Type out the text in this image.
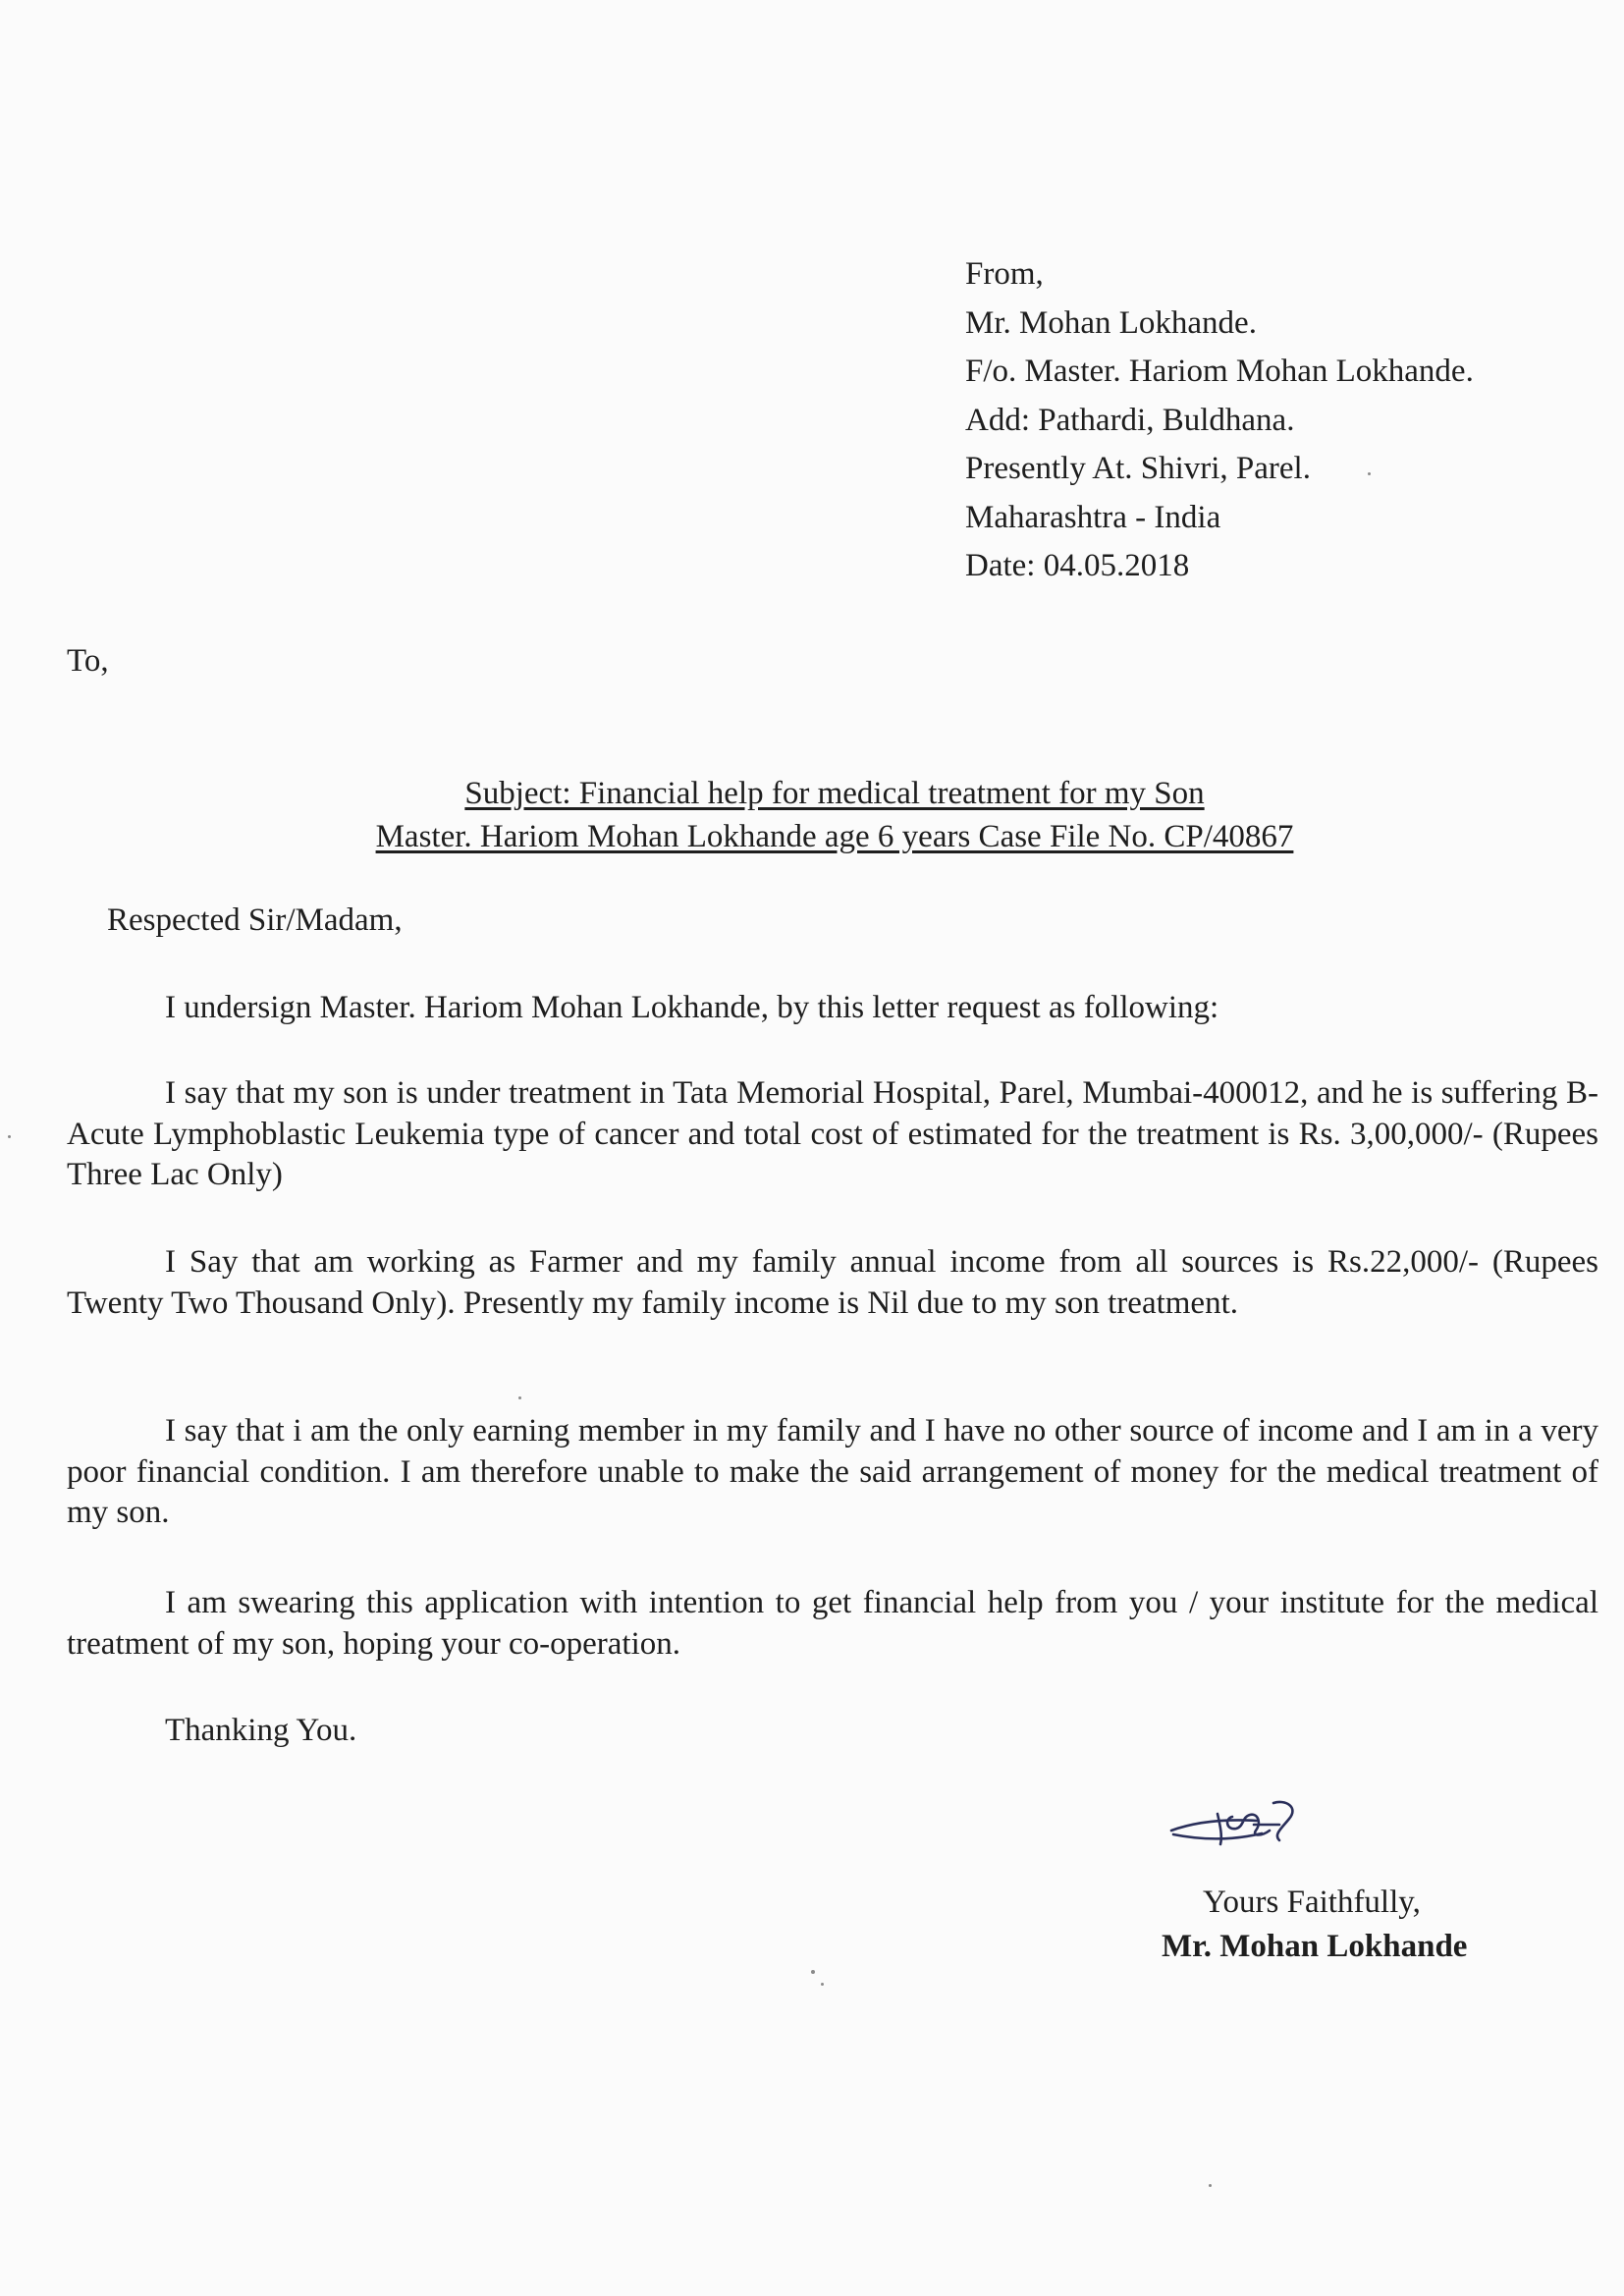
From,
Mr. Mohan Lokhande.
F/o. Master. Hariom Mohan Lokhande.
Add: Pathardi, Buldhana.
Presently At. Shivri, Parel.
Maharashtra - India
Date: 04.05.2018
To,
Subject: Financial help for medical treatment for my Son
Master. Hariom Mohan Lokhande age 6 years Case File No. CP/40867
Respected Sir/Madam,
I undersign Master. Hariom Mohan Lokhande, by this letter request as following:
I say that my son is under treatment in Tata Memorial Hospital, Parel, Mumbai-400012, and he is suffering B-Acute Lymphoblastic Leukemia type of cancer and total cost of estimated for the treatment is Rs. 3,00,000/- (Rupees Three Lac Only)
I Say that am working as Farmer and my family annual income from all sources is Rs.22,000/- (Rupees Twenty Two Thousand Only). Presently my family income is Nil due to my son treatment.
I say that i am the only earning member in my family and I have no other source of income and I am in a very poor financial condition. I am therefore unable to make the said arrangement of money for the medical treatment of my son.
I am swearing this application with intention to get financial help from you / your institute for the medical treatment of my son, hoping your co-operation.
Thanking You.
Yours Faithfully,
Mr. Mohan Lokhande
